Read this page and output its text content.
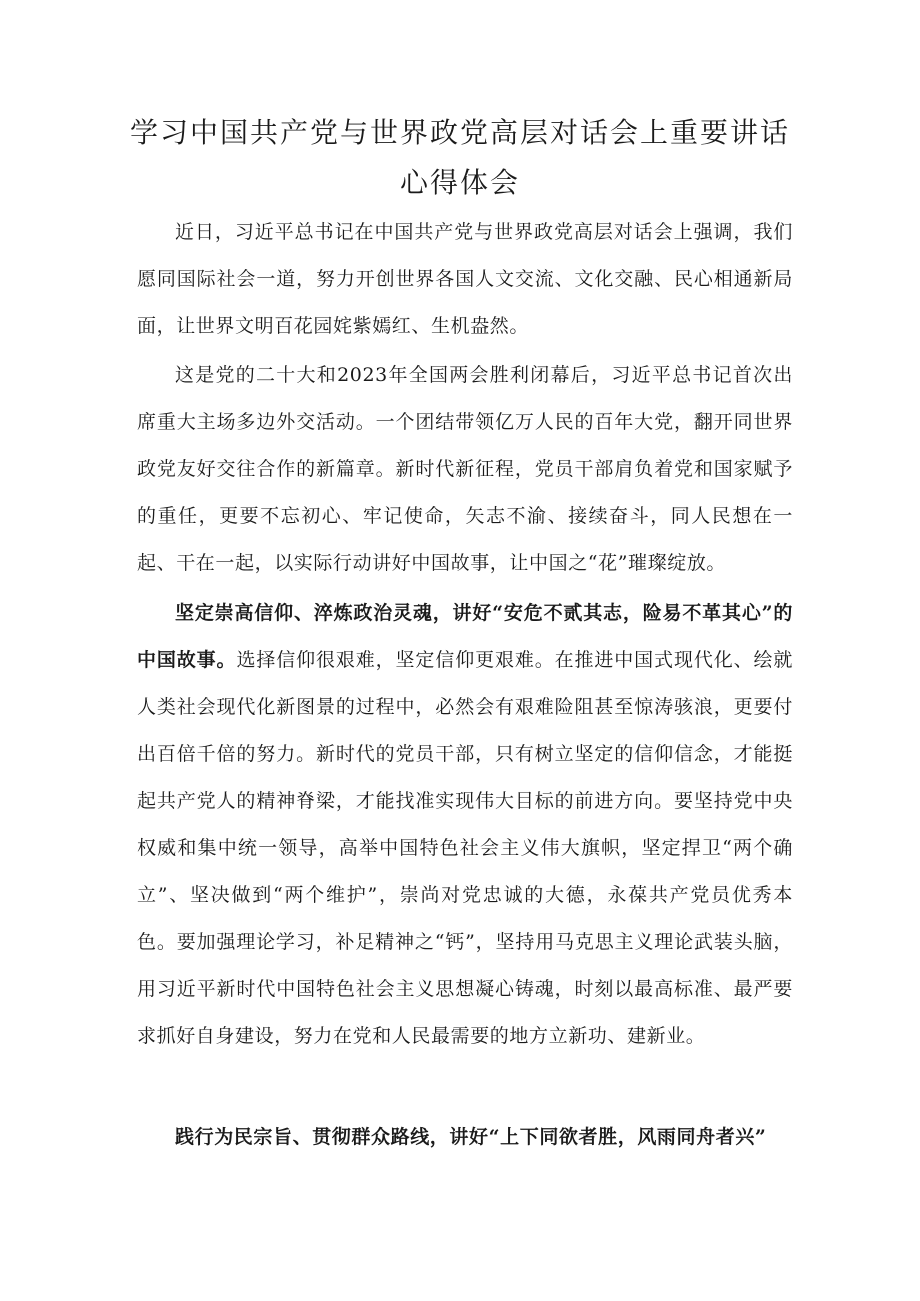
学习中国共产党与世界政党高层对话会上重要讲话
心得体会

近日，习近平总书记在中国共产党与世界政党高层对话会上强调，我们愿同国际社会一道，努力开创世界各国人文交流、文化交融、民心相通新局面，让世界文明百花园姹紫嫣红、生机盎然。

这是党的二十大和2023年全国两会胜利闭幕后，习近平总书记首次出席重大主场多边外交活动。一个团结带领亿万人民的百年大党，翻开同世界政党友好交往合作的新篇章。新时代新征程，党员干部肩负着党和国家赋予的重任，更要不忘初心、牢记使命，矢志不渝、接续奋斗，同人民想在一起、干在一起，以实际行动讲好中国故事，让中国之“花”璀璨绽放。

坚定崇高信仰、淬炼政治灵魂，讲好“安危不贰其志，险易不革其心”的中国故事。选择信仰很艰难，坚定信仰更艰难。在推进中国式现代化、绘就人类社会现代化新图景的过程中，必然会有艰难险阻甚至惊涛骇浪，更要付出百倍千倍的努力。新时代的党员干部，只有树立坚定的信仰信念，才能挺起共产党人的精神脊梁，才能找准实现伟大目标的前进方向。要坚持党中央权威和集中统一领导，高举中国特色社会主义伟大旗帜，坚定捍卫“两个确立”、坚决做到“两个维护”，崇尚对党忠诚的大德，永葆共产党员优秀本色。要加强理论学习，补足精神之“钙”，坚持用马克思主义理论武装头脑，用习近平新时代中国特色社会主义思想凝心铸魂，时刻以最高标准、最严要求抓好自身建设，努力在党和人民最需要的地方立新功、建新业。

践行为民宗旨、贯彻群众路线，讲好“上下同欲者胜，风雨同舟者兴”
